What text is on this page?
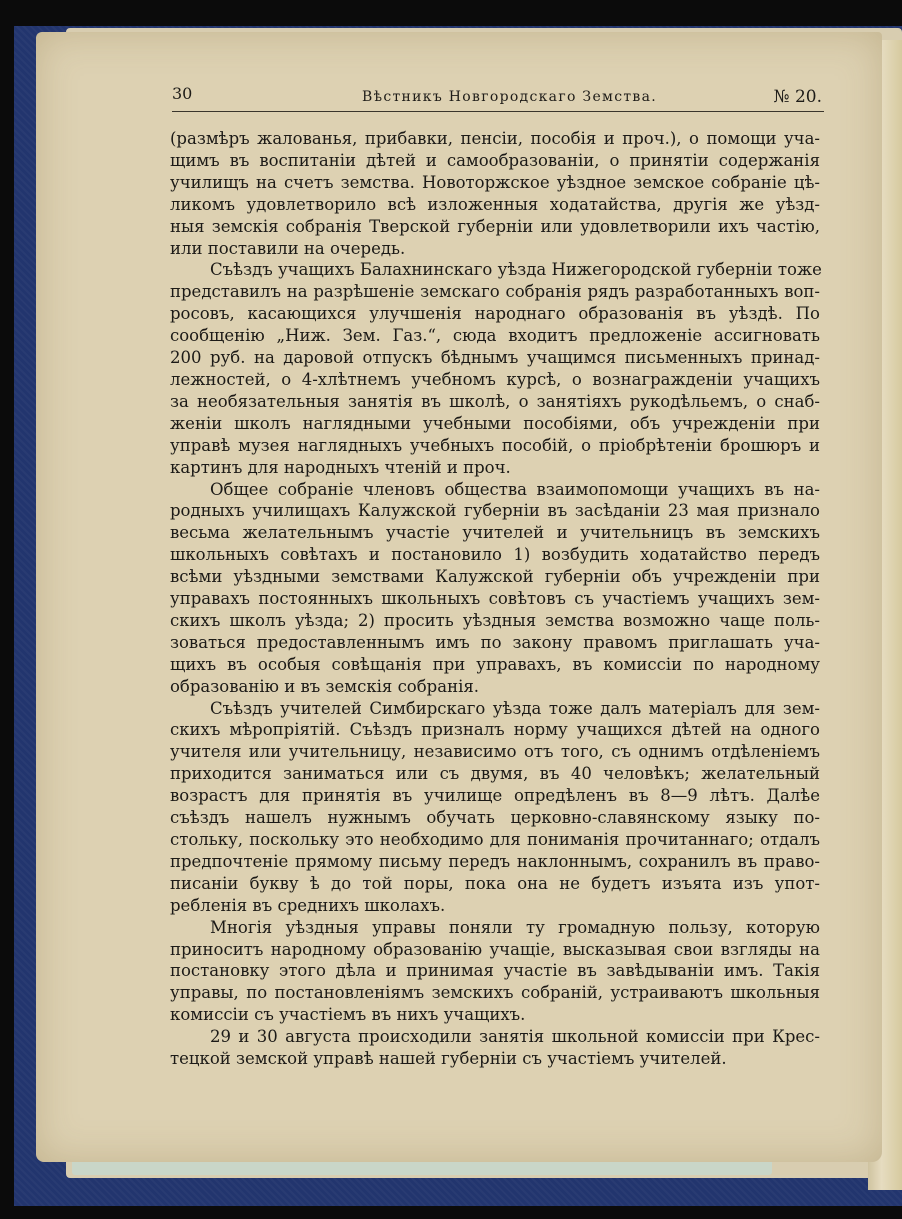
30	Вѣстникъ Новгородскаго Земства.	№ 20.
(размѣръ жалованья, прибавки, пенсіи, пособія и проч.), о помощи уча-
щимъ въ воспитаніи дѣтей и самообразованіи, о принятіи содержанія
училищъ на счетъ земства. Новоторжское уѣздное земское собраніе цѣ-
ликомъ удовлетворило всѣ изложенныя ходатайства, другія же уѣзд-
ныя земскія собранія Тверской губерніи или удовлетворили ихъ частію,
или поставили на очередь.
Съѣздъ учащихъ Балахнинскаго уѣзда Нижегородской губерніи тоже
представилъ на разрѣшеніе земскаго собранія рядъ разработанныхъ воп-
росовъ, касающихся улучшенія народнаго образованія въ уѣздѣ. По
сообщенію „Ниж. Зем. Газ.“, сюда входитъ предложеніе ассигновать
200 руб. на даровой отпускъ бѣднымъ учащимся письменныхъ принад-
лежностей, о 4-хлѣтнемъ учебномъ курсѣ, о вознагражденіи учащихъ
за необязательныя занятія въ школѣ, о занятіяхъ рукодѣльемъ, о снаб-
женіи школъ наглядными учебными пособіями, объ учрежденіи при
управѣ музея наглядныхъ учебныхъ пособій, о пріобрѣтеніи брошюръ и
картинъ для народныхъ чтеній и проч.
Общее собраніе членовъ общества взаимопомощи учащихъ въ на-
родныхъ училищахъ Калужской губерніи въ засѣданіи 23 мая признало
весьма желательнымъ участіе учителей и учительницъ въ земскихъ
школьныхъ совѣтахъ и постановило 1) возбудить ходатайство передъ
всѣми уѣздными земствами Калужской губерніи объ учрежденіи при
управахъ постоянныхъ школьныхъ совѣтовъ съ участіемъ учащихъ зем-
скихъ школъ уѣзда; 2) просить уѣздныя земства возможно чаще поль-
зоваться предоставленнымъ имъ по закону правомъ приглашать уча-
щихъ въ особыя совѣщанія при управахъ, въ комиссіи по народному
образованію и въ земскія собранія.
Съѣздъ учителей Симбирскаго уѣзда тоже далъ матеріалъ для зем-
скихъ мѣропріятій. Съѣздъ призналъ норму учащихся дѣтей на одного
учителя или учительницу, независимо отъ того, съ однимъ отдѣленіемъ
приходится заниматься или съ двумя, въ 40 человѣкъ; желательный
возрастъ для принятія въ училище опредѣленъ въ 8—9 лѣтъ. Далѣе
съѣздъ нашелъ нужнымъ обучать церковно-славянскому языку по-
стольку, поскольку это необходимо для пониманія прочитаннаго; отдалъ
предпочтеніе прямому письму передъ наклоннымъ, сохранилъ въ право-
писаніи букву ѣ до той поры, пока она не будетъ изъята изъ упот-
ребленія въ среднихъ школахъ.
Многія уѣздныя управы поняли ту громадную пользу, которую
приноситъ народному образованію учащіе, высказывая свои взгляды на
постановку этого дѣла и принимая участіе въ завѣдываніи имъ. Такія
управы, по постановленіямъ земскихъ собраній, устраиваютъ школьныя
комиссіи съ участіемъ въ нихъ учащихъ.
29 и 30 августа происходили занятія школьной комиссіи при Крес-
тецкой земской управѣ нашей губерніи съ участіемъ учителей.
